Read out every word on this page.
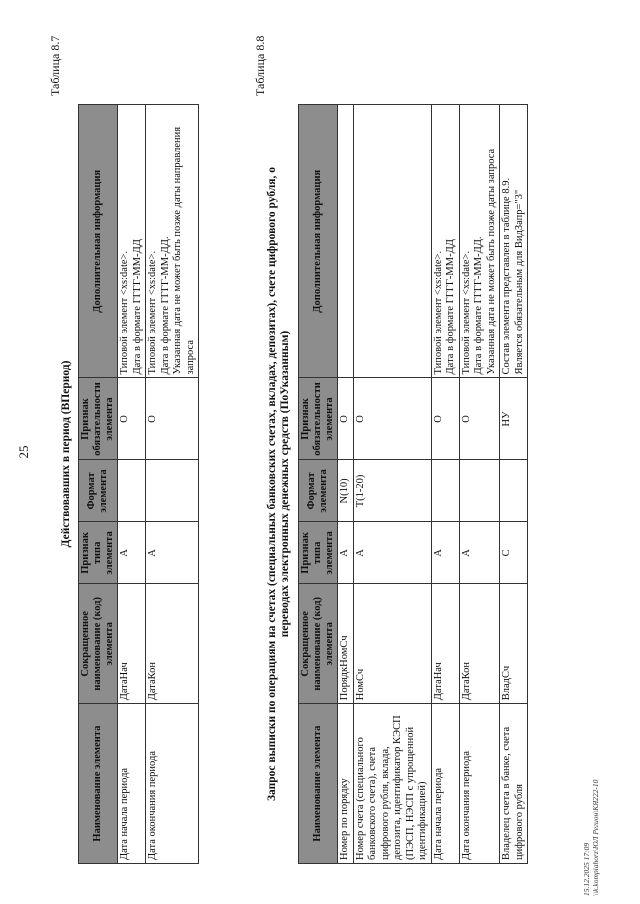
25
Таблица 8.7
Действовавших в период (ВПериод)
Наименование элемента	Сокращенное наименование (код) элемента	Признак типа элемента	Формат элемента	Признак обязательности элемента	Дополнительная информация
Дата начала периода	ДатаНач	А		О	Типовой элемент <xs:date>. Дата в формате ГГГГ-ММ-ДД
Дата окончания периода	ДатаКон	А		О	Типовой элемент <xs:date>. Дата в формате ГГГГ-ММ-ДД. Указанная дата не может быть позже даты направления запроса
Таблица 8.8
Запрос выписки по операциям на счетах (специальных банковских счетах, вкладах, депозитах), счете цифрового рубля, о переводах электронных денежных средств (ПоУказанным)
Наименование элемента	Сокращенное наименование (код) элемента	Признак типа элемента	Формат элемента	Признак обязательности элемента	Дополнительная информация
Номер по порядку	ПорядкНомСч	А	N(10)	О	
Номер счета (специального банковского счета), счета цифрового рубля, вклада, депозита, идентификатор КЭСП (ПЭСП, НЭСП с упрощенной идентификацией)	НомСч	А	T(1-20)	О	
Дата начала периода	ДатаНач	А		О	Типовой элемент <xs:date>. Дата в формате ГГГГ-ММ-ДД
Дата окончания периода	ДатаКон	А		О	Типовой элемент <xs:date>. Дата в формате ГГГГ-ММ-ДД. Указанная дата не может быть позже даты запроса
Владелец счета в банке, счета цифрового рубля	ВладСч	С		НУ	Состав элемента представлен в таблице 8.9. Является обязательным для ВидЗапр="3"
15.12.2025 17:09 \\k.kompiahorz\ЮЛ Регион\КЯ222-10
